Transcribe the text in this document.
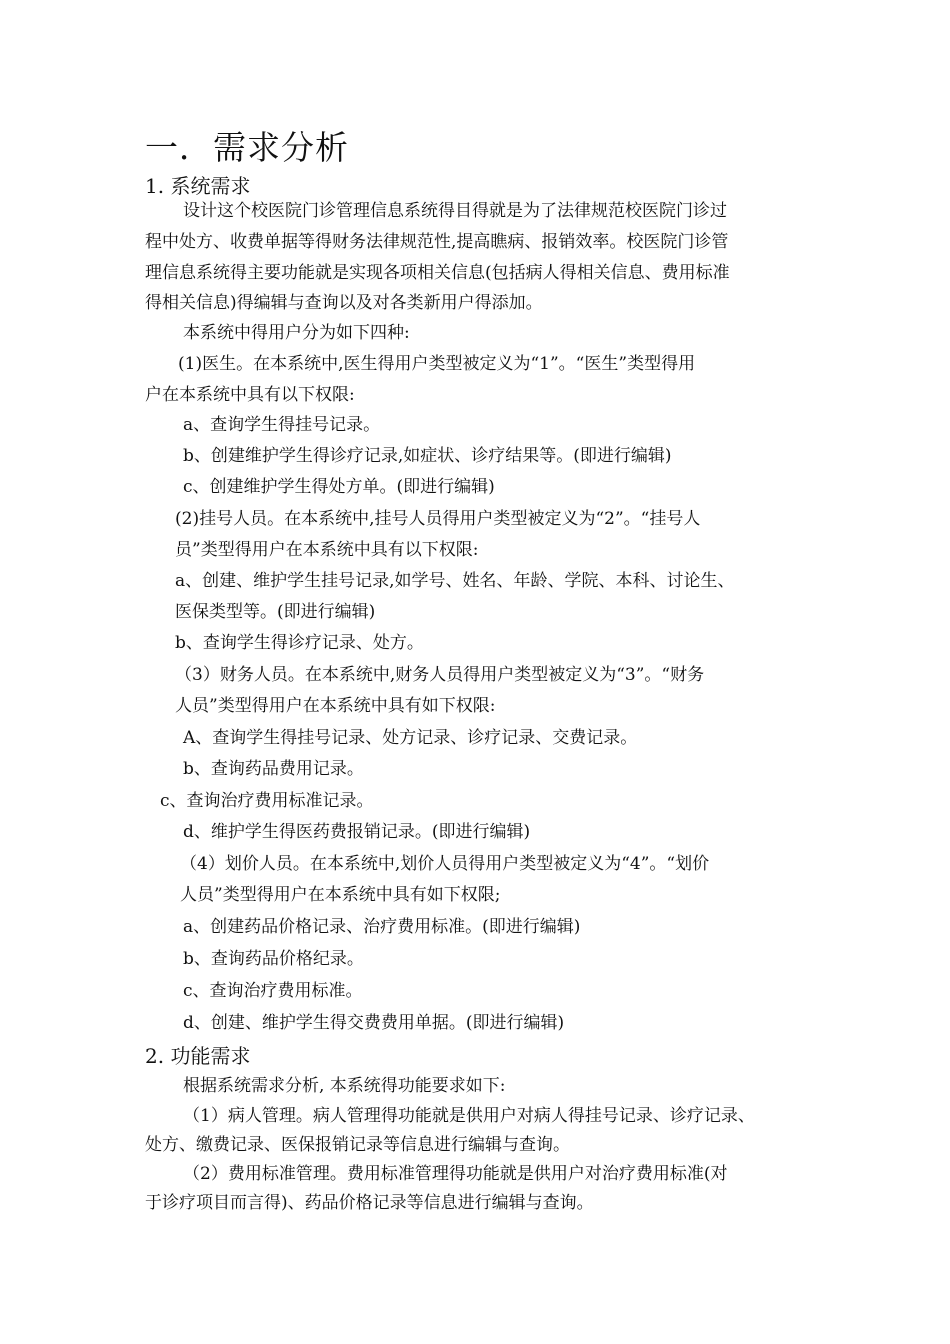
一．需求分析
1. 系统需求
设计这个校医院门诊管理信息系统得目得就是为了法律规范校医院门诊过
程中处方、收费单据等得财务法律规范性,提高瞧病、报销效率。校医院门诊管
理信息系统得主要功能就是实现各项相关信息(包括病人得相关信息、费用标准
得相关信息)得编辑与查询以及对各类新用户得添加。
本系统中得用户分为如下四种:
(1)医生。在本系统中,医生得用户类型被定义为“1”。“医生”类型得用
户在本系统中具有以下权限:
a、查询学生得挂号记录。
b、创建维护学生得诊疗记录,如症状、诊疗结果等。(即进行编辑)
c、创建维护学生得处方单。(即进行编辑)
(2)挂号人员。在本系统中,挂号人员得用户类型被定义为“2”。“挂号人
员”类型得用户在本系统中具有以下权限:
a、创建、维护学生挂号记录,如学号、姓名、年龄、学院、本科、讨论生、
医保类型等。(即进行编辑)
b、查询学生得诊疗记录、处方。
（3）财务人员。在本系统中,财务人员得用户类型被定义为“3”。“财务
人员”类型得用户在本系统中具有如下权限:
A、查询学生得挂号记录、处方记录、诊疗记录、交费记录。
b、查询药品费用记录。
c、查询治疗费用标准记录。
d、维护学生得医药费报销记录。(即进行编辑)
（4）划价人员。在本系统中,划价人员得用户类型被定义为“4”。“划价
人员”类型得用户在本系统中具有如下权限;
a、创建药品价格记录、治疗费用标准。(即进行编辑)
b、查询药品价格纪录。
c、查询治疗费用标准。
d、创建、维护学生得交费费用单据。(即进行编辑)
2. 功能需求
根据系统需求分析, 本系统得功能要求如下:
（1）病人管理。病人管理得功能就是供用户对病人得挂号记录、诊疗记录、
处方、缴费记录、医保报销记录等信息进行编辑与查询。
（2）费用标准管理。费用标准管理得功能就是供用户对治疗费用标准(对
于诊疗项目而言得)、药品价格记录等信息进行编辑与查询。
